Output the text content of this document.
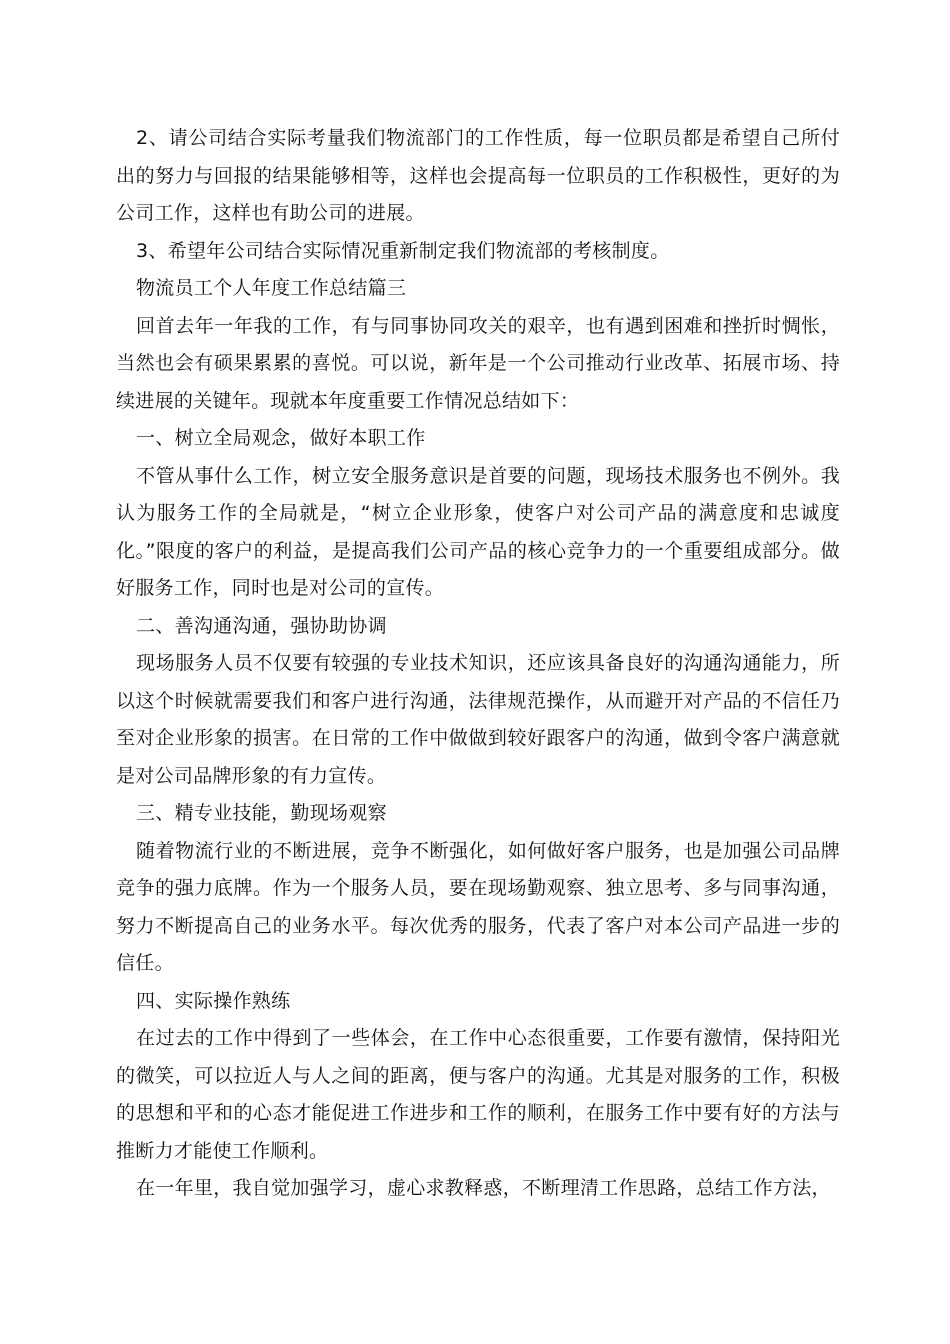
2、请公司结合实际考量我们物流部门的工作性质，每一位职员都是希望自己所付出的努力与回报的结果能够相等，这样也会提高每一位职员的工作积极性，更好的为公司工作，这样也有助公司的进展。

3、希望年公司结合实际情况重新制定我们物流部的考核制度。

物流员工个人年度工作总结篇三

回首去年一年我的工作，有与同事协同攻关的艰辛，也有遇到困难和挫折时惆怅，当然也会有硕果累累的喜悦。可以说，新年是一个公司推动行业改革、拓展市场、持续进展的关键年。现就本年度重要工作情况总结如下：

一、树立全局观念，做好本职工作

不管从事什么工作，树立安全服务意识是首要的问题，现场技术服务也不例外。我认为服务工作的全局就是，“树立企业形象，使客户对公司产品的满意度和忠诚度化。”限度的客户的利益，是提高我们公司产品的核心竞争力的一个重要组成部分。做好服务工作，同时也是对公司的宣传。

二、善沟通沟通，强协助协调

现场服务人员不仅要有较强的专业技术知识，还应该具备良好的沟通沟通能力，所以这个时候就需要我们和客户进行沟通，法律规范操作，从而避开对产品的不信任乃至对企业形象的损害。在日常的工作中做做到较好跟客户的沟通，做到令客户满意就是对公司品牌形象的有力宣传。

三、精专业技能，勤现场观察

随着物流行业的不断进展，竞争不断强化，如何做好客户服务，也是加强公司品牌竞争的强力底牌。作为一个服务人员，要在现场勤观察、独立思考、多与同事沟通，努力不断提高自己的业务水平。每次优秀的服务，代表了客户对本公司产品进一步的信任。

四、实际操作熟练

在过去的工作中得到了一些体会，在工作中心态很重要，工作要有激情，保持阳光的微笑，可以拉近人与人之间的距离，便与客户的沟通。尤其是对服务的工作，积极的思想和平和的心态才能促进工作进步和工作的顺利，在服务工作中要有好的方法与推断力才能使工作顺利。

在一年里，我自觉加强学习，虚心求教释惑，不断理清工作思路，总结工作方法，
